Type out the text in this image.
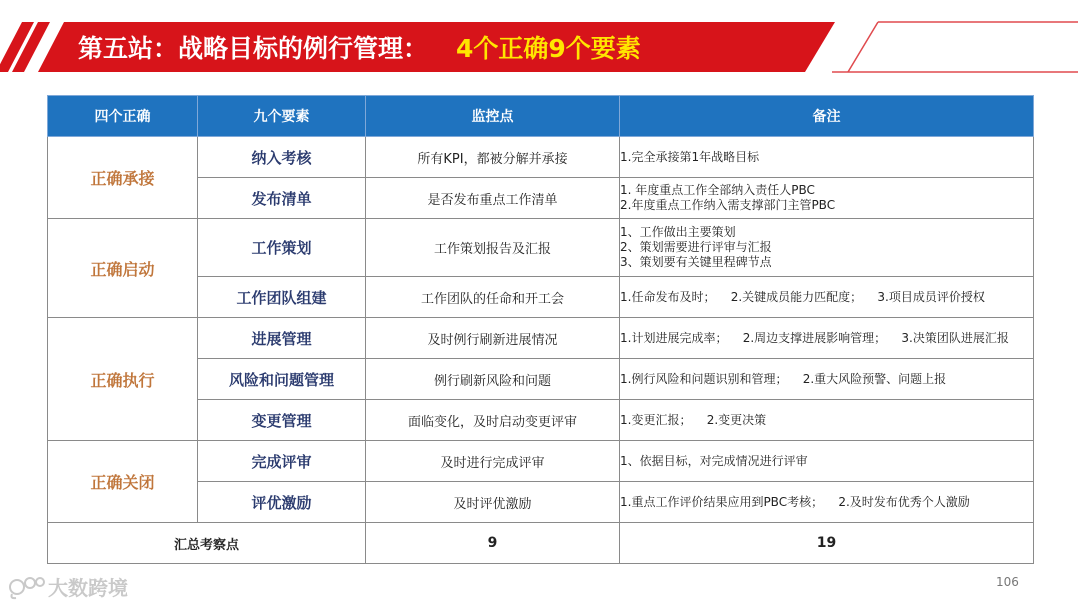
第五站：战略目标的例行管理： 4个正确9个要素
四个正确	九个要素	监控点	备注
正确承接	纳入考核	所有KPI，都被分解并承接	1.完全承接第1年战略目标

	发布清单	是否发布重点工作清单	1. 年度重点工作全部纳入责任人PBC
2.年度重点工作纳入需支撑部门主管PBC

正确启动	工作策划	工作策划报告及汇报	1、工作做出主要策划
2、策划需要进行评审与汇报
3、策划要有关键里程碑节点

	工作团队组建	工作团队的任命和开工会	1.任命发布及时；    2.关键成员能力匹配度；    3.项目成员评价授权

正确执行	进展管理	及时例行刷新进展情况	1.计划进展完成率；    2.周边支撑进展影响管理；    3.决策团队进展汇报

	风险和问题管理	例行刷新风险和问题	1.例行风险和问题识别和管理；    2.重大风险预警、问题上报

	变更管理	面临变化，及时启动变更评审	1.变更汇报；    2.变更决策

正确关闭	完成评审	及时进行完成评审	1、依据目标，对完成情况进行评审

	评优激励	及时评优激励	1.重点工作评价结果应用到PBC考核；    2.及时发布优秀个人激励

汇总考察点		9	19
大数跨境	106
